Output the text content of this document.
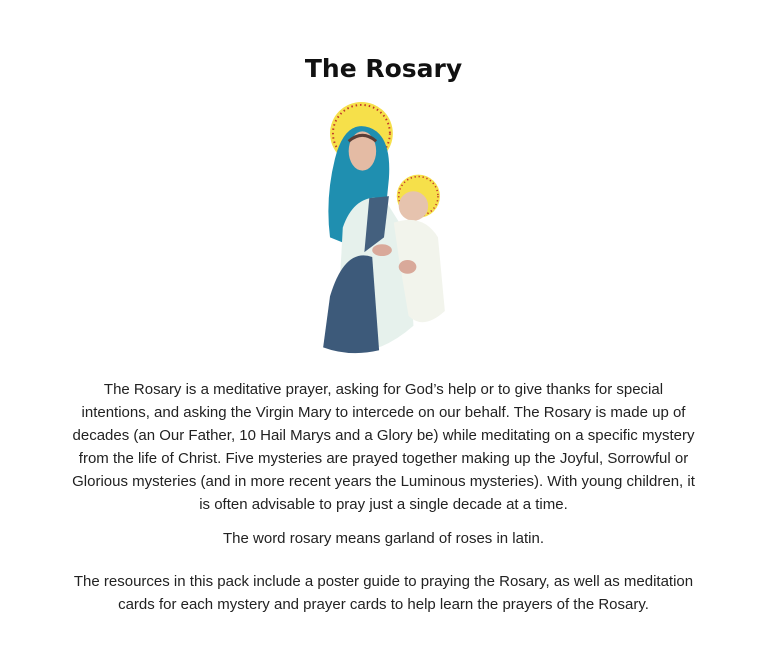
The Rosary

The Rosary is a meditative prayer, asking for God’s help or to give thanks for special intentions, and asking the Virgin Mary to intercede on our behalf. The Rosary is made up of decades (an Our Father, 10 Hail Marys and a Glory be) while meditating on a specific mystery from the life of Christ. Five mysteries are prayed together making up the Joyful, Sorrowful or Glorious mysteries (and in more recent years the Luminous mysteries). With young children, it is often advisable to pray just a single decade at a time.

The word rosary means garland of roses in latin.

The resources in this pack include a poster guide to praying the Rosary, as well as meditation cards for each mystery and prayer cards to help learn the prayers of the Rosary.
